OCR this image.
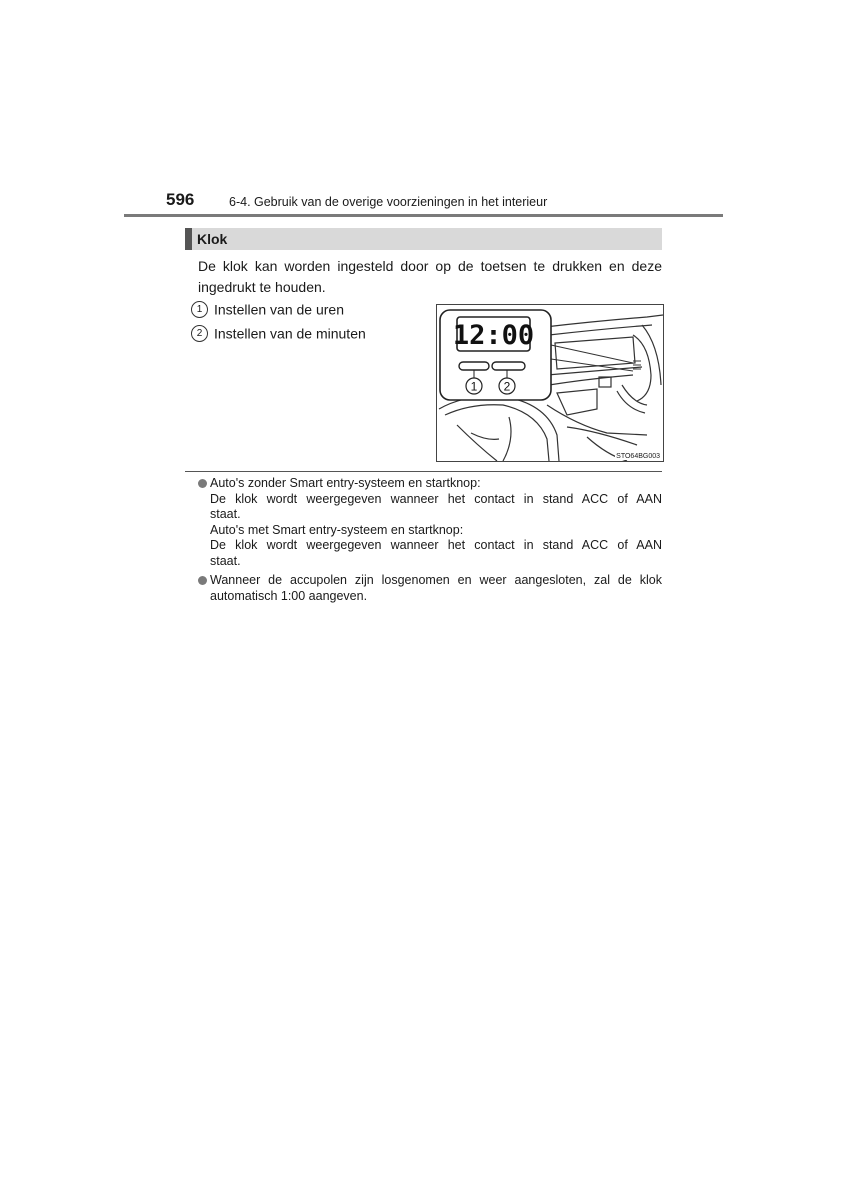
596	6-4. Gebruik van de overige voorzieningen in het interieur
Klok
De klok kan worden ingesteld door op de toetsen te drukken en deze ingedrukt te houden.
1 Instellen van de uren
2 Instellen van de minuten	12:00
1 2
STO64BG003
Auto's zonder Smart entry-systeem en startknop:
De klok wordt weergegeven wanneer het contact in stand ACC of AAN
staat.
Auto's met Smart entry-systeem en startknop:
De klok wordt weergegeven wanneer het contact in stand ACC of AAN
staat.
Wanneer de accupolen zijn losgenomen en weer aangesloten, zal de klok
automatisch 1:00 aangeven.
